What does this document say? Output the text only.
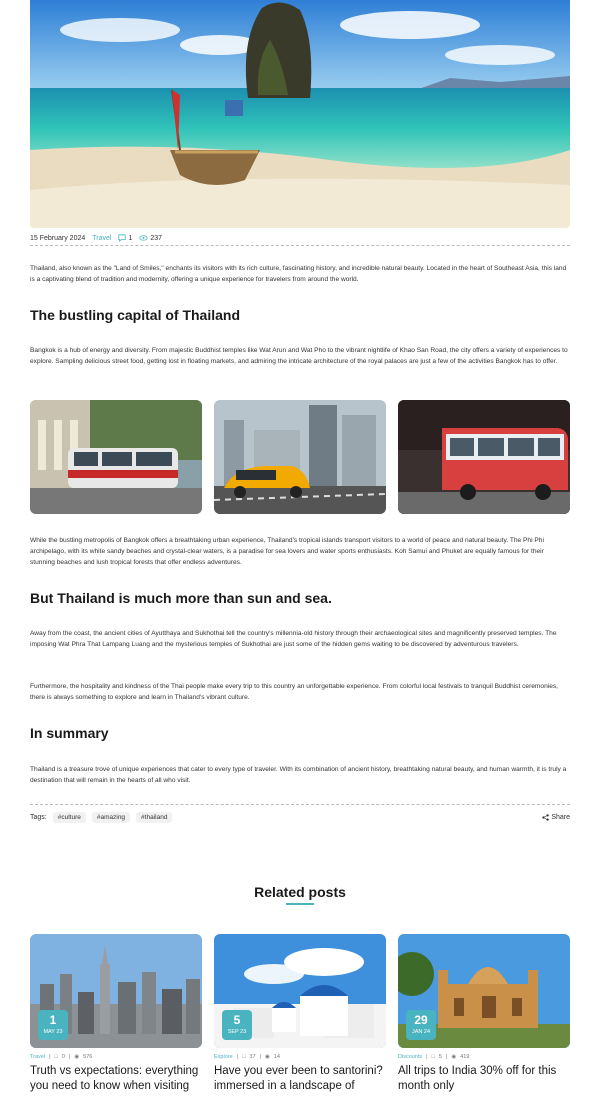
15 February 2024 Travel 1	237
Thailand, also known as the "Land of Smiles," enchants its visitors with its rich culture, fascinating history, and incredible natural beauty. Located in the heart of Southeast Asia, this land is a captivating blend of tradition and modernity, offering a unique experience for travelers from around the world.
The bustling capital of Thailand
Bangkok is a hub of energy and diversity. From majestic Buddhist temples like Wat Arun and Wat Pho to the vibrant nightlife of Khao San Road, the city offers a variety of experiences to explore. Sampling delicious street food, getting lost in floating markets, and admiring the intricate architecture of the royal palaces are just a few of the activities Bangkok has to offer.
While the bustling metropolis of Bangkok offers a breathtaking urban experience, Thailand's tropical islands transport visitors to a world of peace and natural beauty. The Phi Phi archipelago, with its white sandy beaches and crystal-clear waters, is a paradise for sea lovers and water sports enthusiasts. Koh Samui and Phuket are equally famous for their stunning beaches and lush tropical forests that offer endless adventures.
But Thailand is much more than sun and sea.
Away from the coast, the ancient cities of Ayutthaya and Sukhothai tell the country's millennia-old history through their archaeological sites and magnificently preserved temples. The imposing Wat Phra That Lampang Luang and the mysterious temples of Sukhothai are just some of the hidden gems waiting to be discovered by adventurous travelers.
Furthermore, the hospitality and kindness of the Thai people make every trip to this country an unforgettable experience. From colorful local festivals to tranquil Buddhist ceremonies, there is always something to explore and learn in Thailand's vibrant culture.
In summary
Thailand is a treasure trove of unique experiences that cater to every type of traveler. With its combination of ancient history, breathtaking natural beauty, and human warmth, it is truly a destination that will remain in the hearts of all who visit.
Tags:	#culture	#amazing	#thailand	Share
Related posts
1
MAY 23
Travel | □ 0 | ◉ 576
Truth vs expectations: everything you need to know when visiting
5
SEP 23
Explore | □ 37 | ◉ 14
Have you ever been to santorini? immersed in a landscape of
29
JAN 24
Discounts | □ 5 | ◉ 419
All trips to India 30% off for this month only
